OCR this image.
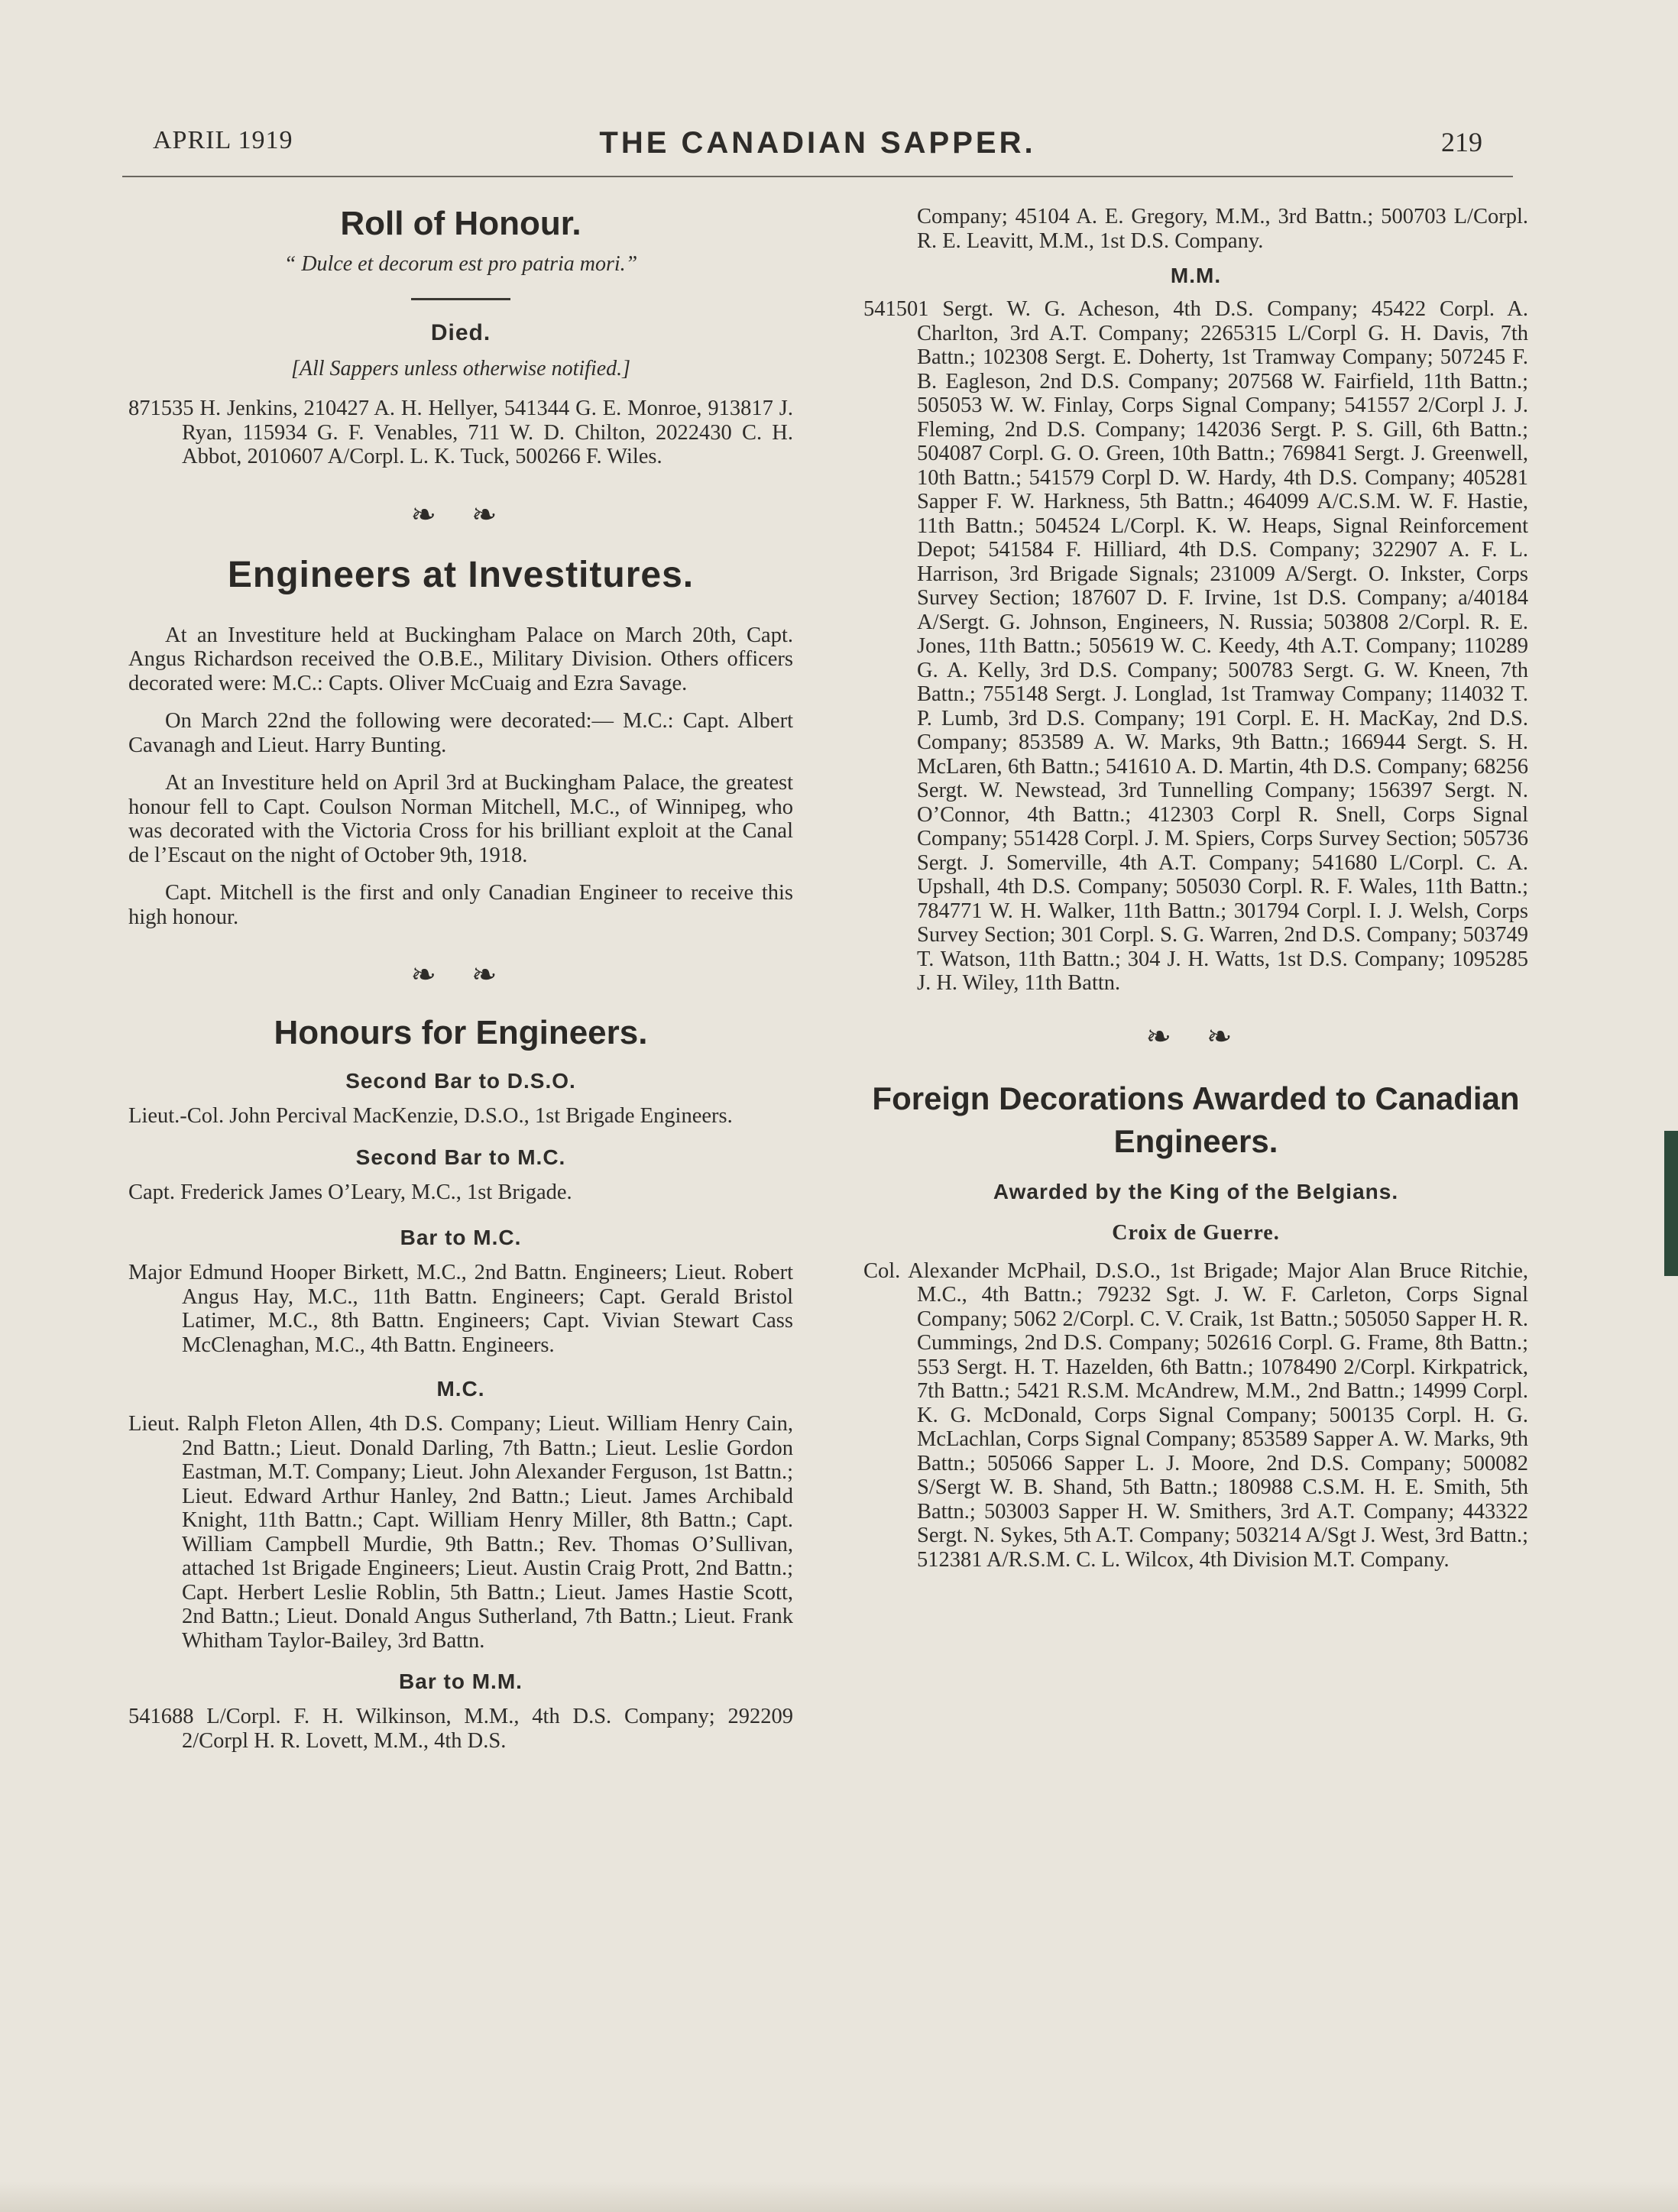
APRIL 1919	THE CANADIAN SAPPER.	219
Roll of Honour.

“ Dulce et decorum est pro patria mori.”

Died.

[All Sappers unless otherwise notified.]

871535 H. Jenkins, 210427 A. H. Hellyer, 541344 G. E. Monroe, 913817 J. Ryan, 115934 G. F. Venables, 711 W. D. Chilton, 2022430 C. H. Abbot, 2010607 A/Corpl. L. K. Tuck, 500266 F. Wiles.

❧ ❧
Engineers at Investitures.

At an Investiture held at Buckingham Palace on March 20th, Capt. Angus Richardson received the O.B.E., Military Division. Others officers decorated were: M.C.: Capts. Oliver McCuaig and Ezra Savage.

On March 22nd the following were decorated:— M.C.: Capt. Albert Cavanagh and Lieut. Harry Bunting.

At an Investiture held on April 3rd at Buckingham Palace, the greatest honour fell to Capt. Coulson Norman Mitchell, M.C., of Winnipeg, who was decorated with the Victoria Cross for his brilliant exploit at the Canal de l’Escaut on the night of October 9th, 1918.

Capt. Mitchell is the first and only Canadian Engineer to receive this high honour.

❧ ❧
Honours for Engineers.
Second Bar to D.S.O.

Lieut.-Col. John Percival MacKenzie, D.S.O., 1st Brigade Engineers.

Second Bar to M.C.

Capt. Frederick James O’Leary, M.C., 1st Brigade.

Bar to M.C.

Major Edmund Hooper Birkett, M.C., 2nd Battn. Engineers; Lieut. Robert Angus Hay, M.C., 11th Battn. Engineers; Capt. Gerald Bristol Latimer, M.C., 8th Battn. Engineers; Capt. Vivian Stewart Cass McClenaghan, M.C., 4th Battn. Engineers.

M.C.

Lieut. Ralph Fleton Allen, 4th D.S. Company; Lieut. William Henry Cain, 2nd Battn.; Lieut. Donald Darling, 7th Battn.; Lieut. Leslie Gordon Eastman, M.T. Company; Lieut. John Alexander Ferguson, 1st Battn.; Lieut. Edward Arthur Hanley, 2nd Battn.; Lieut. James Archibald Knight, 11th Battn.; Capt. William Henry Miller, 8th Battn.; Capt. William Campbell Murdie, 9th Battn.; Rev. Thomas O’Sullivan, attached 1st Brigade Engineers; Lieut. Austin Craig Prott, 2nd Battn.; Capt. Herbert Leslie Roblin, 5th Battn.; Lieut. James Hastie Scott, 2nd Battn.; Lieut. Donald Angus Sutherland, 7th Battn.; Lieut. Frank Whitham Taylor-Bailey, 3rd Battn.

Bar to M.M.

541688 L/Corpl. F. H. Wilkinson, M.M., 4th D.S. Company; 292209 2/Corpl H. R. Lovett, M.M., 4th D.S.

Company; 45104 A. E. Gregory, M.M., 3rd Battn.; 500703 L/Corpl. R. E. Leavitt, M.M., 1st D.S. Company.

M.M.

541501 Sergt. W. G. Acheson, 4th D.S. Company; 45422 Corpl. A. Charlton, 3rd A.T. Company; 2265315 L/Corpl G. H. Davis, 7th Battn.; 102308 Sergt. E. Doherty, 1st Tramway Company; 507245 F. B. Eagleson, 2nd D.S. Company; 207568 W. Fairfield, 11th Battn.; 505053 W. W. Finlay, Corps Signal Company; 541557 2/Corpl J. J. Fleming, 2nd D.S. Company; 142036 Sergt. P. S. Gill, 6th Battn.; 504087 Corpl. G. O. Green, 10th Battn.; 769841 Sergt. J. Greenwell, 10th Battn.; 541579 Corpl D. W. Hardy, 4th D.S. Company; 405281 Sapper F. W. Harkness, 5th Battn.; 464099 A/C.S.M. W. F. Hastie, 11th Battn.; 504524 L/Corpl. K. W. Heaps, Signal Reinforcement Depot; 541584 F. Hilliard, 4th D.S. Company; 322907 A. F. L. Harrison, 3rd Brigade Signals; 231009 A/Sergt. O. Inkster, Corps Survey Section; 187607 D. F. Irvine, 1st D.S. Company; a/40184 A/Sergt. G. Johnson, Engineers, N. Russia; 503808 2/Corpl. R. E. Jones, 11th Battn.; 505619 W. C. Keedy, 4th A.T. Company; 110289 G. A. Kelly, 3rd D.S. Company; 500783 Sergt. G. W. Kneen, 7th Battn.; 755148 Sergt. J. Longlad, 1st Tramway Company; 114032 T. P. Lumb, 3rd D.S. Company; 191 Corpl. E. H. MacKay, 2nd D.S. Company; 853589 A. W. Marks, 9th Battn.; 166944 Sergt. S. H. McLaren, 6th Battn.; 541610 A. D. Martin, 4th D.S. Company; 68256 Sergt. W. Newstead, 3rd Tunnelling Company; 156397 Sergt. N. O’Connor, 4th Battn.; 412303 Corpl R. Snell, Corps Signal Company; 551428 Corpl. J. M. Spiers, Corps Survey Section; 505736 Sergt. J. Somerville, 4th A.T. Company; 541680 L/Corpl. C. A. Upshall, 4th D.S. Company; 505030 Corpl. R. F. Wales, 11th Battn.; 784771 W. H. Walker, 11th Battn.; 301794 Corpl. I. J. Welsh, Corps Survey Section; 301 Corpl. S. G. Warren, 2nd D.S. Company; 503749 T. Watson, 11th Battn.; 304 J. H. Watts, 1st D.S. Company; 1095285 J. H. Wiley, 11th Battn.

❧ ❧
Foreign Decorations Awarded to Canadian Engineers.
Awarded by the King of the Belgians.
Croix de Guerre.

Col. Alexander McPhail, D.S.O., 1st Brigade; Major Alan Bruce Ritchie, M.C., 4th Battn.; 79232 Sgt. J. W. F. Carleton, Corps Signal Company; 5062 2/Corpl. C. V. Craik, 1st Battn.; 505050 Sapper H. R. Cummings, 2nd D.S. Company; 502616 Corpl. G. Frame, 8th Battn.; 553 Sergt. H. T. Hazelden, 6th Battn.; 1078490 2/Corpl. Kirkpatrick, 7th Battn.; 5421 R.S.M. McAndrew, M.M., 2nd Battn.; 14999 Corpl. K. G. McDonald, Corps Signal Company; 500135 Corpl. H. G. McLachlan, Corps Signal Company; 853589 Sapper A. W. Marks, 9th Battn.; 505066 Sapper L. J. Moore, 2nd D.S. Company; 500082 S/Sergt W. B. Shand, 5th Battn.; 180988 C.S.M. H. E. Smith, 5th Battn.; 503003 Sapper H. W. Smithers, 3rd A.T. Company; 443322 Sergt. N. Sykes, 5th A.T. Company; 503214 A/Sgt J. West, 3rd Battn.; 512381 A/R.S.M. C. L. Wilcox, 4th Division M.T. Company.
